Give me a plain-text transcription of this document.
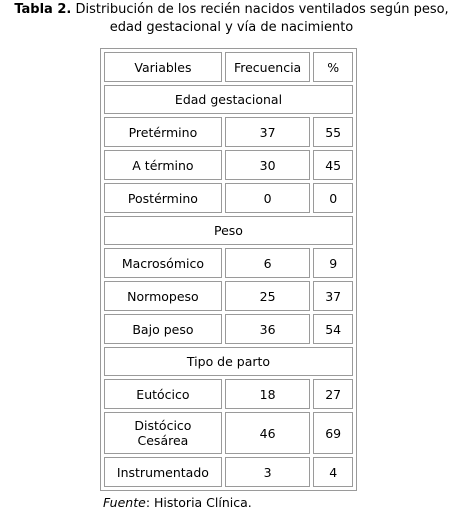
Tabla 2. Distribución de los recién nacidos ventilados según peso,
edad gestacional y vía de nacimiento
Variables	Frecuencia	%
Edad gestacional		
Pretérmino	37	55
A término	30	45
Postérmino	0	0
Peso		
Macrosómico	6	9
Normopeso	25	37
Bajo peso	36	54
Tipo de parto		
Eutócico	18	27

Distócico
Cesárea	46	69
Instrumentado	3	4
Fuente: Historia Clínica.
